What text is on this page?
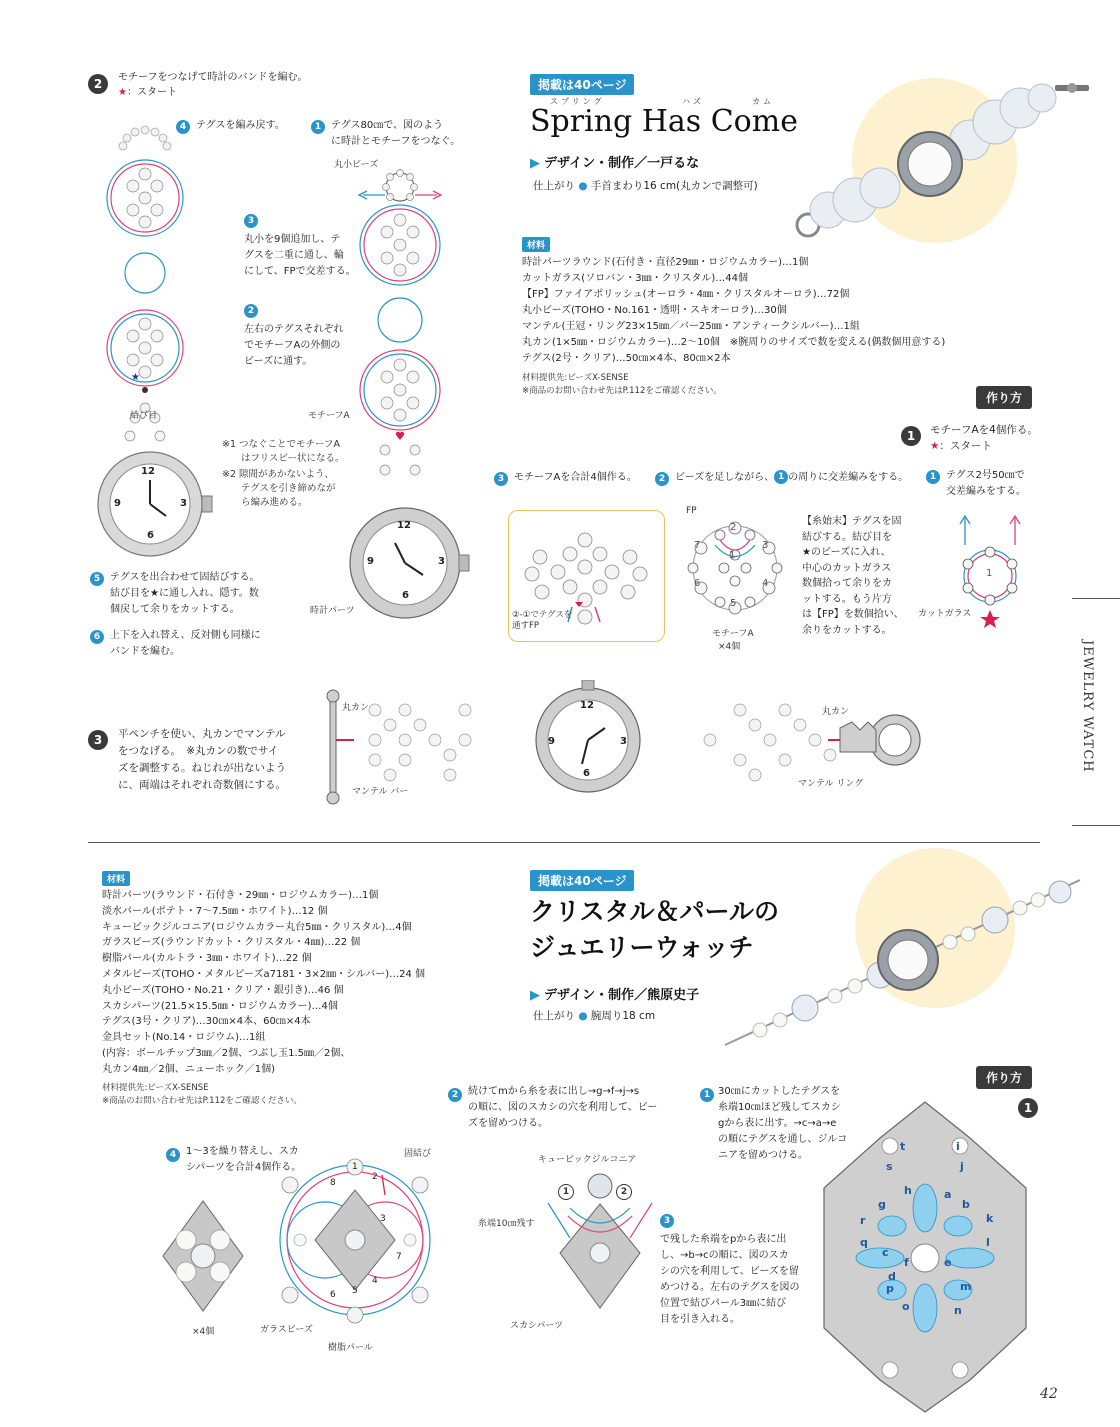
掲載は40ページ
スプリング	ハズ	カム
Spring Has Come
▶ デザイン・制作／一戸るな
仕上がり ● 手首まわり16 cm(丸カンで調整可)
材料
時計パーツラウンド(石付き・直径29㎜・ロジウムカラー)…1個
カットガラス(ソロバン・3㎜・クリスタル)…44個
【FP】ファイアポリッシュ(オーロラ・4㎜・クリスタルオーロラ)…72個
丸小ビーズ(TOHO・No.161・透明・スキオーロラ)…30個
マンテル(王冠・リング23×15㎜／バー25㎜・アンティークシルバー)…1組
丸カン(1×5㎜・ロジウムカラー)…2～10個　※腕周りのサイズで数を変える(偶数個用意する)
テグス(2号・クリア)…50㎝×4本、80㎝×2本
材料提供先:ビーズX-SENSE
※商品のお問い合わせ先はP.112をご確認ください。	作り方
1	モチーフAを4個作る。
★：スタート
1 テグス2号50㎝で
交差編みをする。
2 ビーズを足しながら、 1 の周りに交差編みをする。
3 モチーフAを合計4個作る。
②-①でテグスを
通すFP
FP
1
2
3
4
5
6
7
モチーフA
×4個
【糸始末】テグスを固
結びする。結び目を
★のビーズに入れ、
中心のカットガラス
数個拾って余りをカ
ットする。もう片方
は【FP】を数個拾い、
余りをカットする。
1
カットガラス
JEWELRY WATCH
2	モチーフをつなげて時計のバンドを編む。
★：スタート
4 テグスを編み戻す。	1 テグス80㎝で、図のよう
に時計とモチーフをつなぐ。
3
丸小を9個追加し、テ
グスを二重に通し、輪
にして、FPで交差する。
2
左右のテグスそれぞれ
でモチーフAの外側の
ビーズに通す。
※1 つなぐことでモチーフA
　　はフリスビー状になる。
※2 隙間があかないよう、
　　テグスを引き締めなが
　　ら編み進める。
5 テグスを出合わせて固結びする。
結び目を★に通し入れ、隠す。数
個戻して余りをカットする。
6 上下を入れ替え、反対側も同様に
バンドを編む。
★
結び目
12
3
6
9
丸小ビーズ
モチーフA
12
3
6
9
時計パーツ
3	平ペンチを使い、丸カンでマンテル
をつなげる。　※丸カンの数でサイ
ズを調整する。ねじれが出ないよう
に、両端はそれぞれ奇数個にする。
丸カン
マンテル バー
丸カン
マンテル リング
12
3
6
9
掲載は40ページ
クリスタル＆パールの
ジュエリーウォッチ
▶ デザイン・制作／熊原史子
仕上がり ● 腕周り18 cm
材料
時計パーツ(ラウンド・石付き・29㎜・ロジウムカラー)…1個
淡水パール(ポテト・7～7.5㎜・ホワイト)…12 個
キュービックジルコニア(ロジウムカラー丸台5㎜・クリスタル)…4個
ガラスビーズ(ラウンドカット・クリスタル・4㎜)…22 個
樹脂パール(カルトラ・3㎜・ホワイト)…22 個
メタルビーズ(TOHO・メタルビーズa7181・3×2㎜・シルバー)…24 個
丸小ビーズ(TOHO・No.21・クリア・銀引き)…46 個
スカシパーツ(21.5×15.5㎜・ロジウムカラー)…4個
テグス(3号・クリア)…30㎝×4本、60㎝×4本
金具セット(No.14・ロジウム)…1組
(内容：ボールチップ3㎜／2個、つぶし玉1.5㎜／2個、
丸カン4㎜／2個、ニューホック／1個)
材料提供先:ビーズX-SENSE
※商品のお問い合わせ先はP.112をご確認ください。
作り方
1
2 続けてmから糸を表に出し→g→f→j→s
の順に、図のスカシの穴を利用して、ビー
ズを留めつける。
1 30㎝にカットしたテグスを
糸端10㎝ほど残してスカシ
gから表に出す。→c→a→e
の順にテグスを通し、ジルコ
ニアを留めつける。
3
で残した糸端をpから表に出
し、→b→cの順に、図のスカ
シの穴を利用して、ビーズを留
めつける。左右のテグスを図の
位置で結びパール3㎜に結び
目を引き入れる。
4 1～3を繰り替えし、スカ
シパーツを合計4個作る。
×4個
1
2
3
4
5
6
7
8
固結び
ガラスビーズ
樹脂パール
キュービックジルコニア
1	2
糸端10㎝残す
スカシパーツ
t	i
s	j
h	a
g	b
k
r
l
q
c
e
f
d
m
p
o	n
42
